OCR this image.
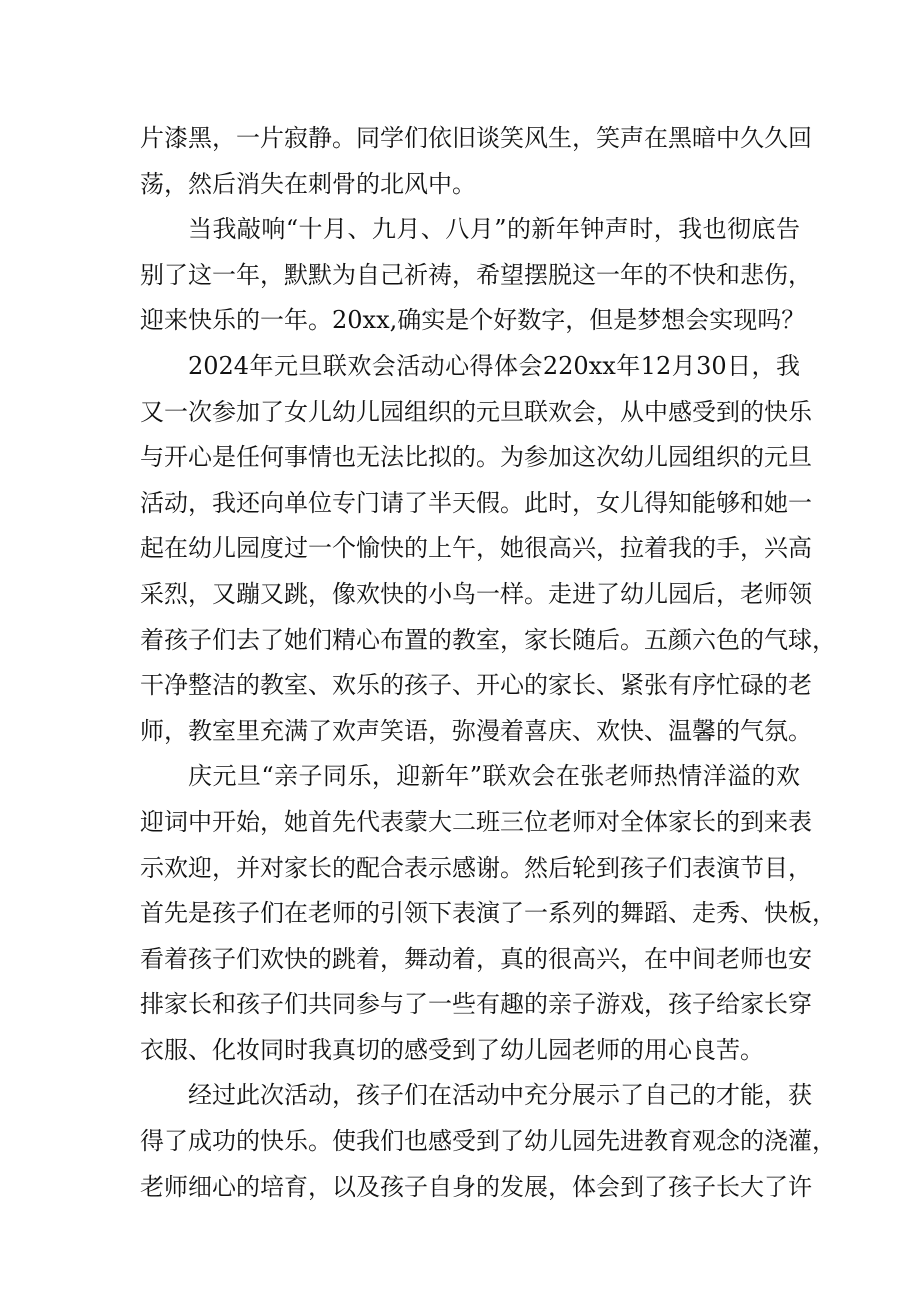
片漆黑，一片寂静。同学们依旧谈笑风生，笑声在黑暗中久久回
荡，然后消失在刺骨的北风中。
当我敲响“十月、九月、八月”的新年钟声时，我也彻底告
别了这一年，默默为自己祈祷，希望摆脱这一年的不快和悲伤，
迎来快乐的一年。20xx,确实是个好数字，但是梦想会实现吗？
2024年元旦联欢会活动心得体会220xx年12月30日，我
又一次参加了女儿幼儿园组织的元旦联欢会，从中感受到的快乐
与开心是任何事情也无法比拟的。为参加这次幼儿园组织的元旦
活动，我还向单位专门请了半天假。此时，女儿得知能够和她一
起在幼儿园度过一个愉快的上午，她很高兴，拉着我的手，兴高
采烈，又蹦又跳，像欢快的小鸟一样。走进了幼儿园后，老师领
着孩子们去了她们精心布置的教室，家长随后。五颜六色的气球，
干净整洁的教室、欢乐的孩子、开心的家长、紧张有序忙碌的老
师，教室里充满了欢声笑语，弥漫着喜庆、欢快、温馨的气氛。
庆元旦“亲子同乐，迎新年”联欢会在张老师热情洋溢的欢
迎词中开始，她首先代表蒙大二班三位老师对全体家长的到来表
示欢迎，并对家长的配合表示感谢。然后轮到孩子们表演节目，
首先是孩子们在老师的引领下表演了一系列的舞蹈、走秀、快板，
看着孩子们欢快的跳着，舞动着，真的很高兴，在中间老师也安
排家长和孩子们共同参与了一些有趣的亲子游戏，孩子给家长穿
衣服、化妆同时我真切的感受到了幼儿园老师的用心良苦。
经过此次活动，孩子们在活动中充分展示了自己的才能，获
得了成功的快乐。使我们也感受到了幼儿园先进教育观念的浇灌，
老师细心的培育，以及孩子自身的发展，体会到了孩子长大了许
